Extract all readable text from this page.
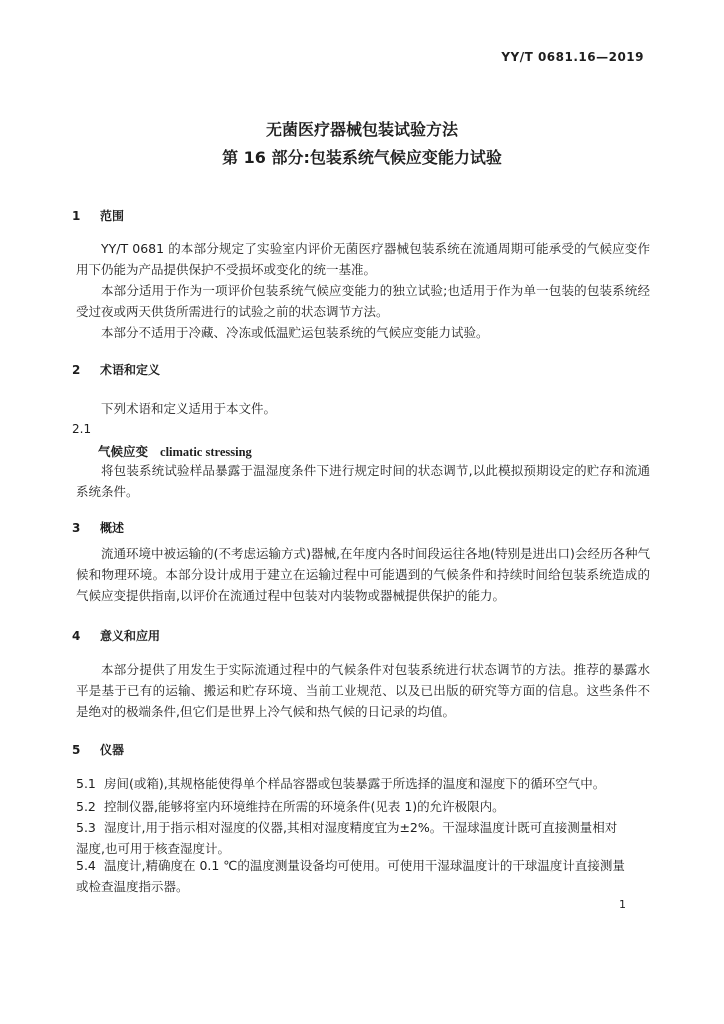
YY/T 0681.16—2019
无菌医疗器械包装试验方法
第 16 部分:包装系统气候应变能力试验
1 范围
YY/T 0681 的本部分规定了实验室内评价无菌医疗器械包装系统在流通周期可能承受的气候应变作用下仍能为产品提供保护不受损坏或变化的统一基准。
本部分适用于作为一项评价包装系统气候应变能力的独立试验;也适用于作为单一包装的包装系统经受过夜或两天供货所需进行的试验之前的状态调节方法。
本部分不适用于冷藏、冷冻或低温贮运包装系统的气候应变能力试验。
2 术语和定义
下列术语和定义适用于本文件。
2.1
气候应变 climatic stressing
将包装系统试验样品暴露于温湿度条件下进行规定时间的状态调节,以此模拟预期设定的贮存和流通系统条件。
3 概述
流通环境中被运输的(不考虑运输方式)器械,在年度内各时间段运往各地(特别是进出口)会经历各种气候和物理环境。本部分设计成用于建立在运输过程中可能遇到的气候条件和持续时间给包装系统造成的气候应变提供指南,以评价在流通过程中包装对内装物或器械提供保护的能力。
4 意义和应用
本部分提供了用发生于实际流通过程中的气候条件对包装系统进行状态调节的方法。推荐的暴露水平是基于已有的运输、搬运和贮存环境、当前工业规范、以及已出版的研究等方面的信息。这些条件不是绝对的极端条件,但它们是世界上冷气候和热气候的日记录的均值。
5 仪器
5.1 房间(或箱),其规格能使得单个样品容器或包装暴露于所选择的温度和湿度下的循环空气中。
5.2 控制仪器,能够将室内环境维持在所需的环境条件(见表 1)的允许极限内。
5.3 湿度计,用于指示相对湿度的仪器,其相对湿度精度宜为±2%。干湿球温度计既可直接测量相对
湿度,也可用于核查湿度计。
5.4 温度计,精确度在 0.1 ℃的温度测量设备均可使用。可使用干湿球温度计的干球温度计直接测量
或检查温度指示器。
1
